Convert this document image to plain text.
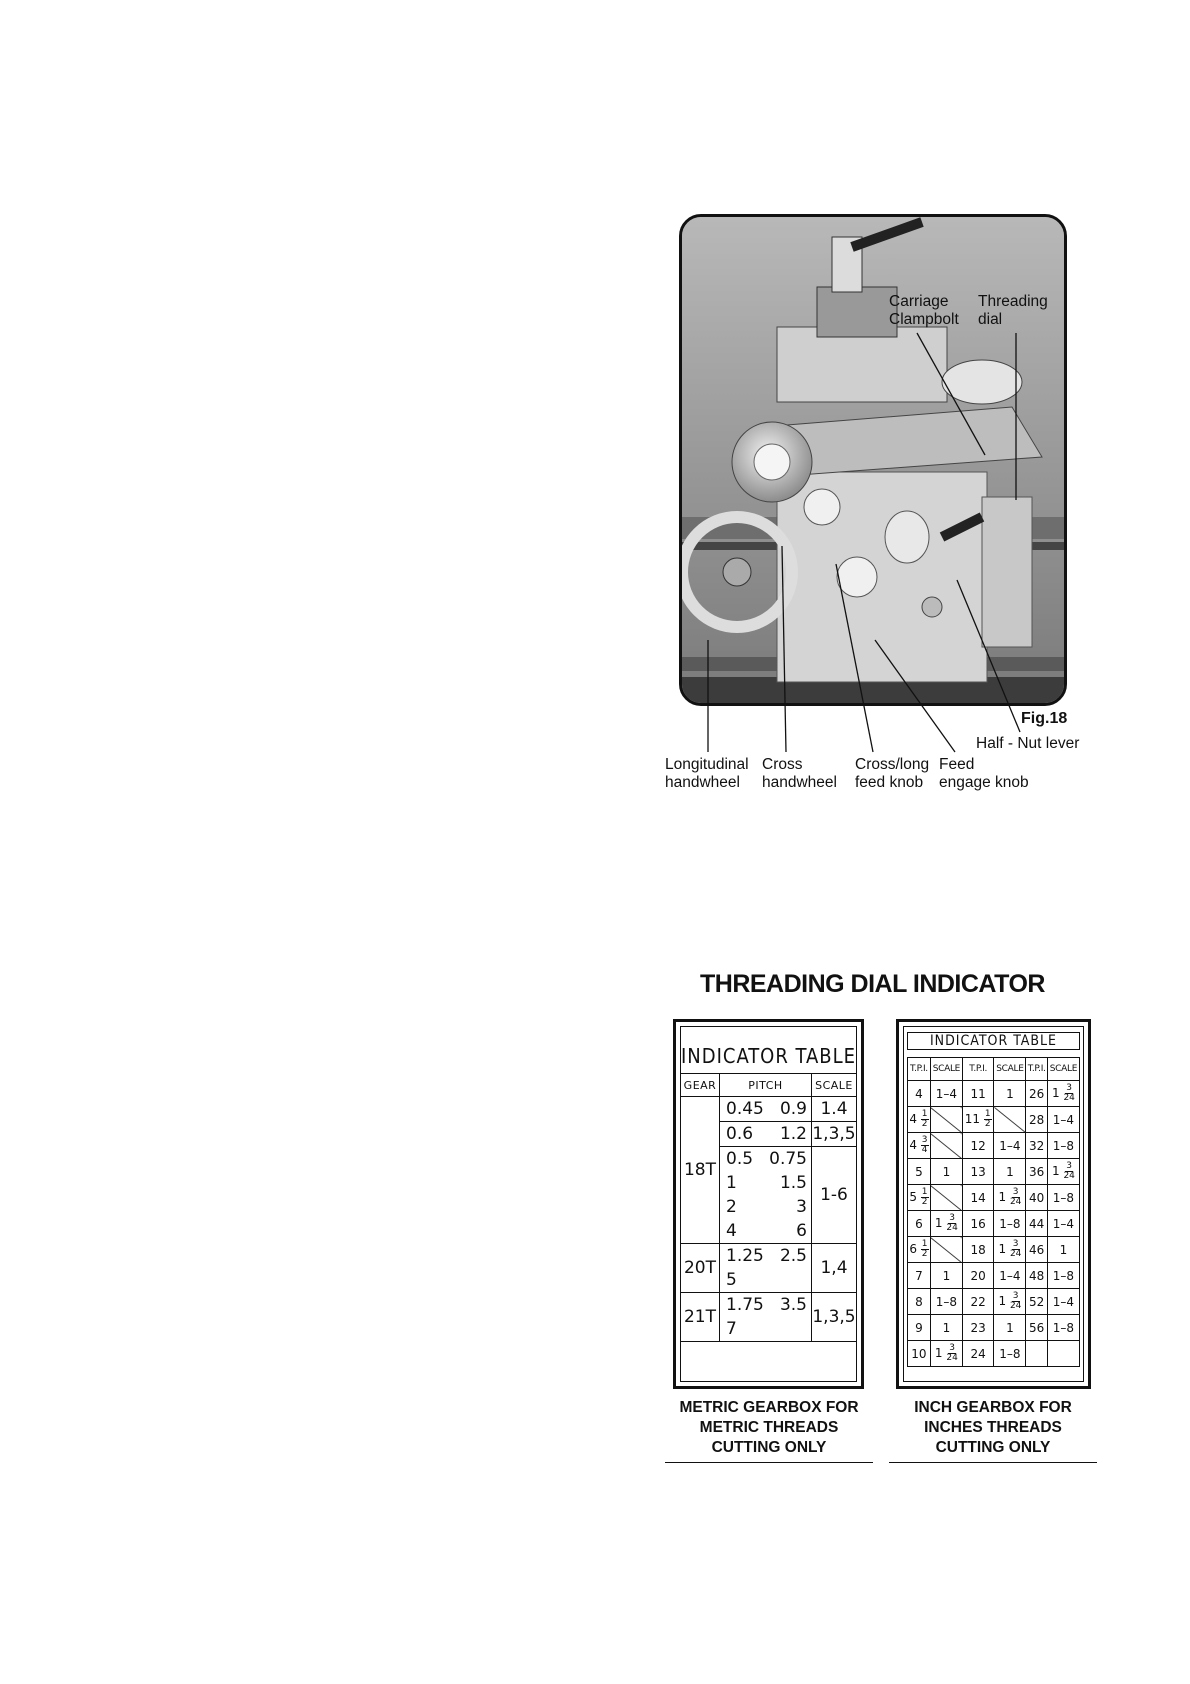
Carriage
Clampbolt
Threading
dial
Fig.18
Half - Nut lever
Longitudinal
handwheel
Cross
handwheel
Cross/long
feed knob
Feed
engage knob
THREADING DIAL INDICATOR
INDICATOR TABLE
GEAR	PITCH	SCALE
18T	0.45 0.9	1.4

	0.6 1.2	1,3,5

	0.5 0.75	1-6

	1 1.5	

	2 3	

	4 6	

20T	1.25 2.5	1,4

	5	

21T	1.75 3.5	1,3,5

	7	
INDICATOR TABLE
T.P.I.	SCALE	T.P.I.	SCALE	T.P.I.	SCALE
4	1–4	11	1	26	$1 \frac{3}{24}$

$4 \frac{1}{2}$		$11 \frac{1}{2}$		28	1–4
$4 \frac{3}{4}$		12	1–4	32	1–8
5	1	13	1	36	$1 \frac{3}{24}$

$5 \frac{1}{2}$		14	$1 \frac{3}{24}$	40	1–8
6	$1 \frac{3}{24}$	16	1–8	44	1–4
$6 \frac{1}{2}$		18	$1 \frac{3}{24}$	46	1
7	1	20	1–4	48	1–8
8	1–8	22	$1 \frac{3}{24}$	52	1–4
9	1	23	1	56	1–8
10	$1 \frac{3}{24}$	24	1–8		
METRIC GEARBOX FOR
METRIC THREADS
CUTTING ONLY
INCH GEARBOX FOR
INCHES THREADS
CUTTING ONLY
